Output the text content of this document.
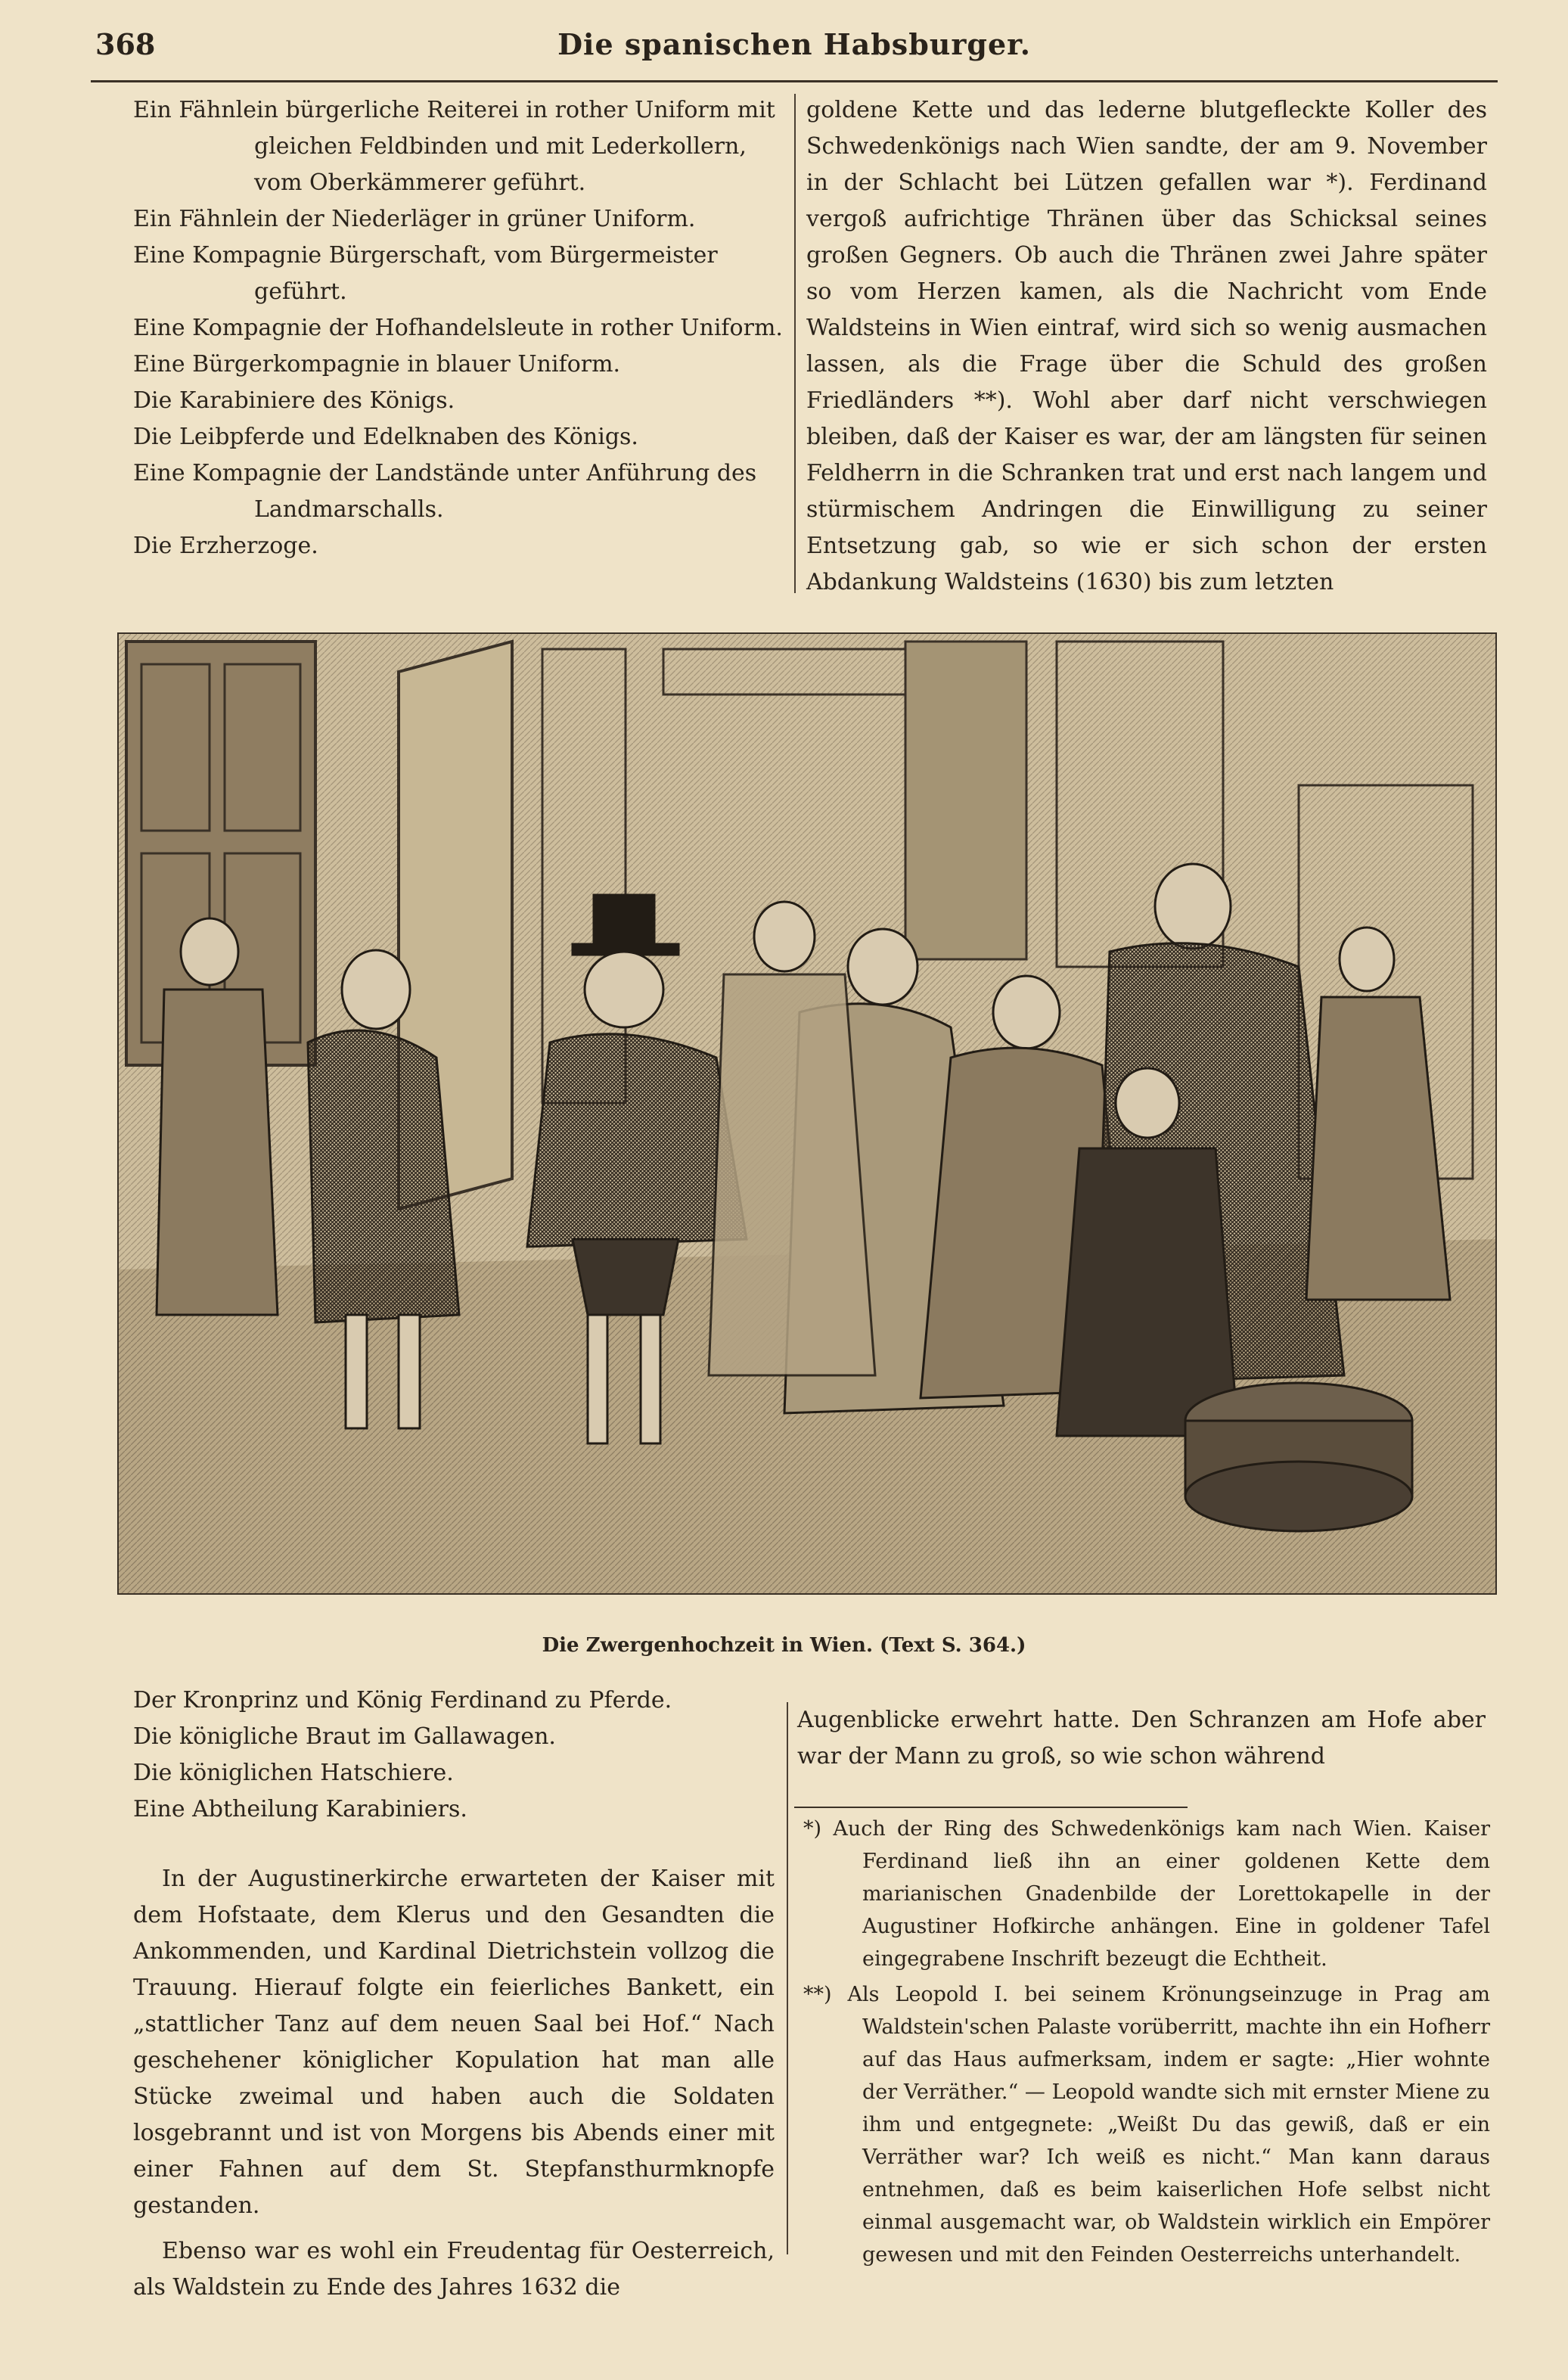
368	Die spanischen Habsburger.
Ein Fähnlein bürgerliche Reiterei in rother Uniform mit gleichen Feldbinden und mit Lederkollern, vom Oberkämmerer geführt.
Ein Fähnlein der Niederläger in grüner Uniform.
Eine Kompagnie Bürgerschaft, vom Bürgermeister geführt.
Eine Kompagnie der Hofhandelsleute in rother Uniform.
Eine Bürgerkompagnie in blauer Uniform.
Die Karabiniere des Königs.
Die Leibpferde und Edelknaben des Königs.
Eine Kompagnie der Landstände unter Anführung des Landmarschalls.
Die Erzherzoge.

goldene Kette und das lederne blutgefleckte Koller des Schwedenkönigs nach Wien sandte, der am 9. November in der Schlacht bei Lützen gefallen war *). Ferdinand vergoß aufrichtige Thränen über das Schicksal seines großen Gegners. Ob auch die Thränen zwei Jahre später so vom Herzen kamen, als die Nachricht vom Ende Waldsteins in Wien eintraf, wird sich so wenig ausmachen lassen, als die Frage über die Schuld des großen Friedländers **). Wohl aber darf nicht verschwiegen bleiben, daß der Kaiser es war, der am längsten für seinen Feldherrn in die Schranken trat und erst nach langem und stürmischem Andringen die Einwilligung zu seiner Entsetzung gab, so wie er sich schon der ersten Abdankung Waldsteins (1630) bis zum letzten

Die Zwergenhochzeit in Wien. (Text S. 364.)
Der Kronprinz und König Ferdinand zu Pferde.
Die königliche Braut im Gallawagen.
Die königlichen Hatschiere.
Eine Abtheilung Karabiniers.

In der Augustinerkirche erwarteten der Kaiser mit dem Hofstaate, dem Klerus und den Gesandten die Ankommenden, und Kardinal Dietrichstein vollzog die Trauung. Hierauf folgte ein feierliches Bankett, ein „stattlicher Tanz auf dem neuen Saal bei Hof.“ Nach geschehener königlicher Kopulation hat man alle Stücke zweimal und haben auch die Soldaten losgebrannt und ist von Morgens bis Abends einer mit einer Fahnen auf dem St. Stepfansthurmknopfe gestanden.

Ebenso war es wohl ein Freudentag für Oesterreich, als Waldstein zu Ende des Jahres 1632 die

Augenblicke erwehrt hatte. Den Schranzen am Hofe aber war der Mann zu groß, so wie schon während

*) Auch der Ring des Schwedenkönigs kam nach Wien. Kaiser Ferdinand ließ ihn an einer goldenen Kette dem marianischen Gnadenbilde der Lorettokapelle in der Augustiner Hofkirche anhängen. Eine in goldener Tafel eingegrabene Inschrift bezeugt die Echtheit.
**) Als Leopold I. bei seinem Krönungseinzuge in Prag am Waldstein'schen Palaste vorüberritt, machte ihn ein Hofherr auf das Haus aufmerksam, indem er sagte: „Hier wohnte der Verräther.“ — Leopold wandte sich mit ernster Miene zu ihm und entgegnete: „Weißt Du das gewiß, daß er ein Verräther war? Ich weiß es nicht.“ Man kann daraus entnehmen, daß es beim kaiserlichen Hofe selbst nicht einmal ausgemacht war, ob Waldstein wirklich ein Empörer gewesen und mit den Feinden Oesterreichs unterhandelt.
